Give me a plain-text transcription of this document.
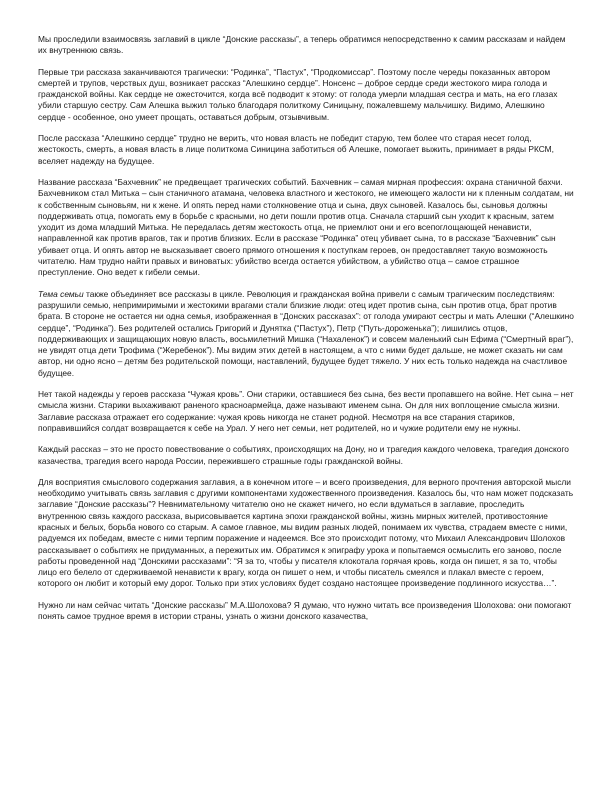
Мы проследили взаимосвязь заглавий в цикле “Донские рассказы”, а теперь обратимся непосредственно к самим рассказам и найдем их внутреннюю связь.

Первые три рассказа заканчиваются трагически: “Родинка”, “Пастух”, “Продкомиссар”. Поэтому после череды показанных автором смертей и трупов, черствых душ, возникает рассказ “Алешкино сердце”. Нонсенс – доброе сердце среди жестокого мира голода и гражданской войны. Как сердце не ожесточится, когда всё подводит к этому: от голода умерли младшая сестра и мать, на его глазах убили старшую сестру. Сам Алешка выжил только благодаря политкому Синицыну, пожалевшему мальчишку. Видимо, Алешкино сердце - особенное, оно умеет прощать, оставаться добрым, отзывчивым.

После рассказа “Алешкино сердце” трудно не верить, что новая власть не победит старую, тем более что старая несет голод, жестокость, смерть, а новая власть в лице политкома Синицина заботиться об Алешке, помогает выжить, принимает в ряды РКСМ, вселяет надежду на будущее.

Название рассказа “Бахчевник” не предвещает трагических событий. Бахчевник – самая мирная профессия: охрана станичной бахчи. Бахчевником стал Митька – сын станичного атамана, человека властного и жестокого, не имеющего жалости ни к пленным солдатам, ни к собственным сыновьям, ни к жене. И опять перед нами столкновение отца и сына, двух сыновей. Казалось бы, сыновья должны поддерживать отца, помогать ему в борьбе с красными, но дети пошли против отца. Сначала старший сын уходит к красным, затем уходит из дома младший Митька. Не передалась детям жестокость отца, не приемлют они и его всепоглощающей ненависти, направленной как против врагов, так и против близких. Если в рассказе “Родинка” отец убивает сына, то в рассказе “Бахчевник” сын убивает отца. И опять автор не высказывает своего прямого отношения к поступкам героев, он предоставляет такую возможность читателю. Нам трудно найти правых и виноватых: убийство всегда остается убийством, а убийство отца – самое страшное преступление. Оно ведет к гибели семьи.

Тема семьи также объединяет все рассказы в цикле. Революция и гражданская война привели с самым трагическим последствиям: разрушили семью, непримиримыми и жестокими врагами стали близкие люди: отец идет против сына, сын против отца, брат против брата. В стороне не остается ни одна семья, изображенная в “Донских рассказах”: от голода умирают сестры и мать Алешки (“Алешкино сердце”, “Родинка”). Без родителей остались Григорий и Дунятка (“Пастух”), Петр (“Путь-дороженька”); лишились отцов, поддерживающих и защищающих новую власть, восьмилетний Мишка (“Нахаленок”) и совсем маленький сын Ефима (“Смертный враг”), не увидят отца дети Трофима (“Жеребенок”). Мы видим этих детей в настоящем, а что с ними будет дальше, не может сказать ни сам автор, ни одно ясно – детям без родительской помощи, наставлений, будущее будет тяжело. У них есть только надежда на счастливое будущее.

Нет такой надежды у героев рассказа “Чужая кровь”. Они старики, оставшиеся без сына, без вести пропавшего на войне. Нет сына – нет смысла жизни. Старики выхаживают раненого красноармейца, даже называют именем сына. Он для них воплощение смысла жизни. Заглавие рассказа отражает его содержание: чужая кровь никогда не станет родной. Несмотря на все старания стариков, поправившийся солдат возвращается к себе на Урал. У него нет семьи, нет родителей, но и чужие родители ему не нужны.

Каждый рассказ – это не просто повествование о событиях, происходящих на Дону, но и трагедия каждого человека, трагедия донского казачества, трагедия всего народа России, пережившего страшные годы гражданской войны.

Для восприятия смыслового содержания заглавия, а в конечном итоге – и всего произведения, для верного прочтения авторской мысли необходимо учитывать связь заглавия с другими компонентами художественного произведения. Казалось бы, что нам может подсказать заглавие “Донские рассказы”? Невнимательному читателю оно не скажет ничего, но если вдуматься в заглавие, проследить внутреннюю связь каждого рассказа, вырисовывается картина эпохи гражданской войны, жизнь мирных жителей, противостояние красных и белых, борьба нового со старым. А самое главное, мы видим разных людей, понимаем их чувства, страдаем вместе с ними, радуемся их победам, вместе с ними терпим поражение и надеемся. Все это происходит потому, что Михаил Александрович Шолохов рассказывает о событиях не придуманных, а пережитых им. Обратимся к эпиграфу урока и попытаемся осмыслить его заново, после работы проведенной над “Донскими рассказами”: “Я за то, чтобы у писателя клокотала горячая кровь, когда он пишет, я за то, чтобы лицо его белело от сдерживаемой ненависти к врагу, когда он пишет о нем, и чтобы писатель смеялся и плакал вместе с героем, которого он любит и который ему дорог. Только при этих условиях будет создано настоящее произведение подлинного искусства…”.

Нужно ли нам сейчас читать “Донские рассказы” М.А.Шолохова? Я думаю, что нужно читать все произведения Шолохова: они помогают понять самое трудное время в истории страны, узнать о жизни донского казачества,
